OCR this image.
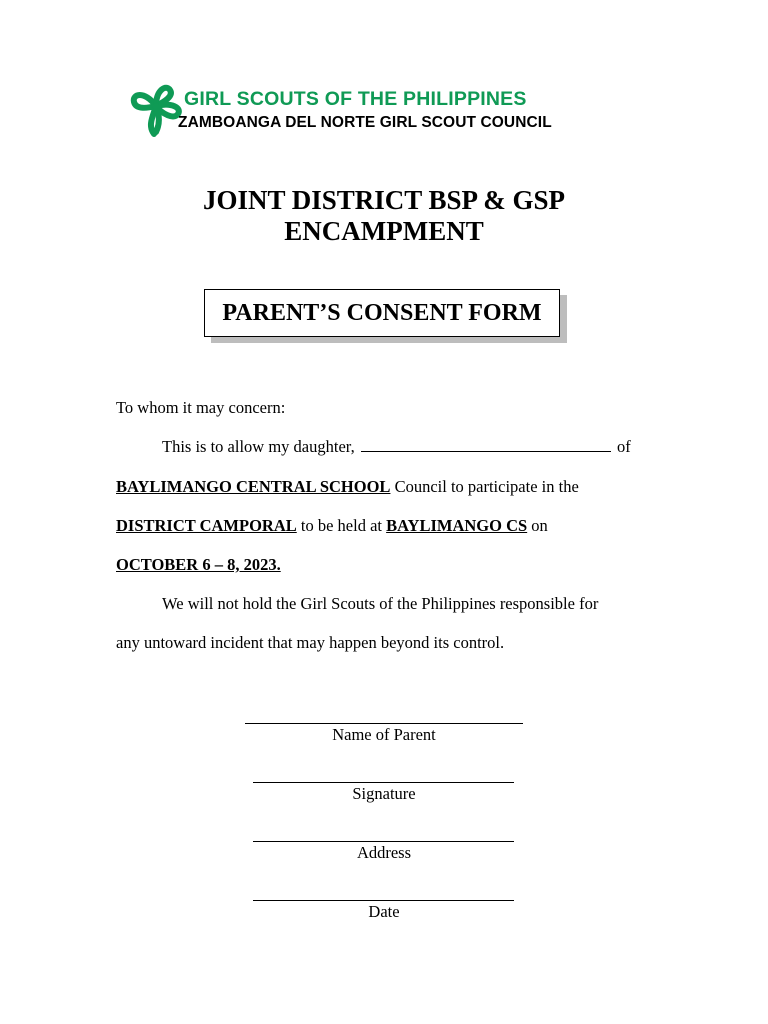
GIRL SCOUTS OF THE PHILIPPINES
ZAMBOANGA DEL NORTE GIRL SCOUT COUNCIL
JOINT DISTRICT BSP & GSP
ENCAMPMENT
PARENT’S CONSENT FORM
To whom it may concern:
This is to allow my daughter,	of
BAYLIMANGO CENTRAL SCHOOL Council to participate in the
DISTRICT CAMPORAL to be held at BAYLIMANGO CS on
OCTOBER 6 – 8, 2023.
We will not hold the Girl Scouts of the Philippines responsible for
any untoward incident that may happen beyond its control.
Name of Parent
Signature
Address
Date
